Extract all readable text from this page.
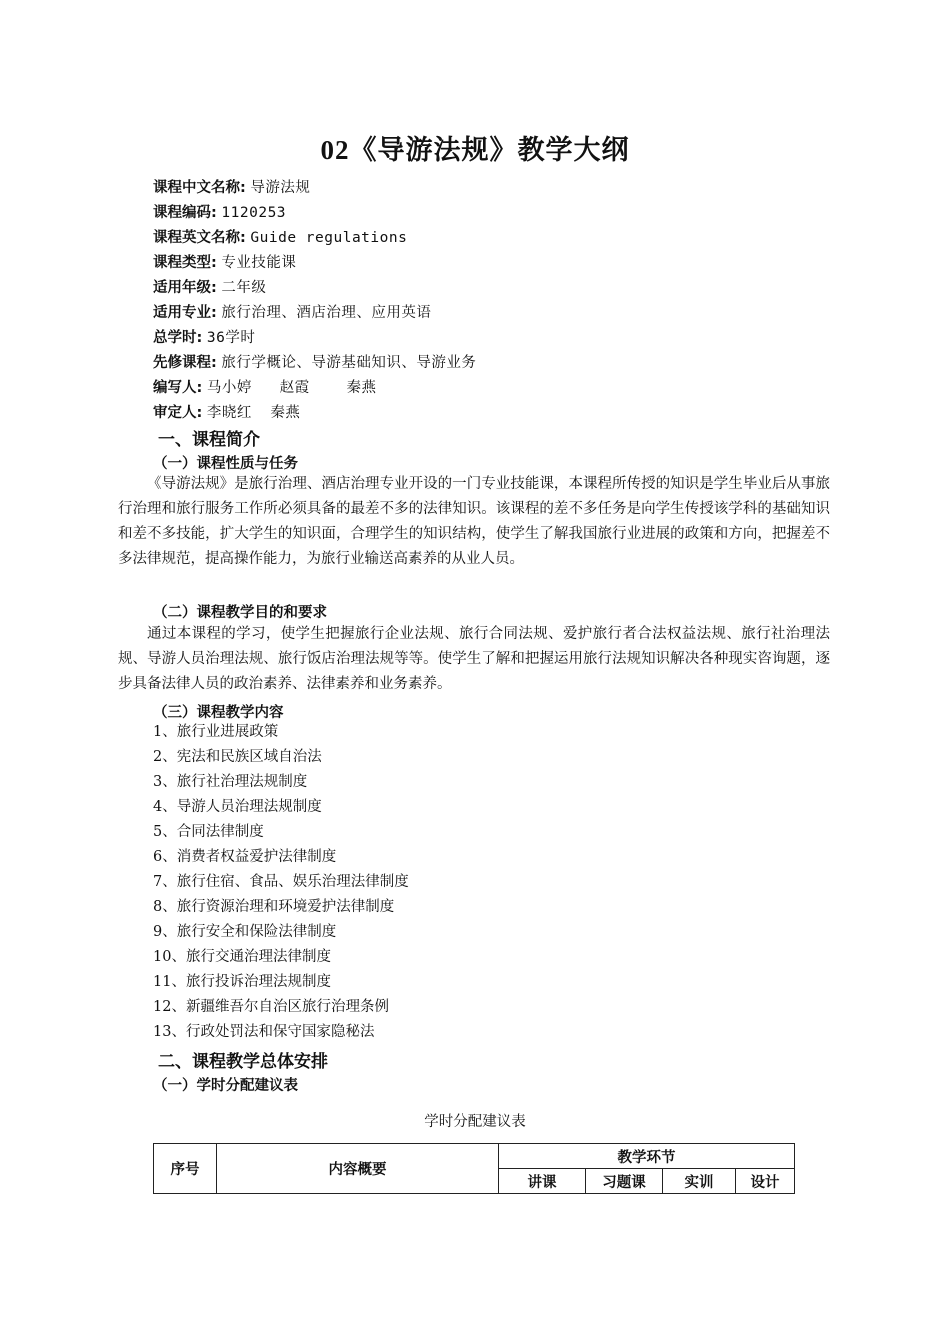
02《导游法规》教学大纲
课程中文名称: 导游法规
课程编码: 1120253
课程英文名称: Guide regulations
课程类型: 专业技能课
适用年级: 二年级
适用专业: 旅行治理、酒店治理、应用英语
总学时: 36学时
先修课程: 旅行学概论、导游基础知识、导游业务
编写人: 马小婷   赵霞    秦燕
审定人: 李晓红  秦燕
一、课程简介
（一）课程性质与任务
《导游法规》是旅行治理、酒店治理专业开设的一门专业技能课，本课程所传授的知识是学生毕业后从事旅行治理和旅行服务工作所必须具备的最差不多的法律知识。该课程的差不多任务是向学生传授该学科的基础知识和差不多技能，扩大学生的知识面，合理学生的知识结构，使学生了解我国旅行业进展的政策和方向，把握差不多法律规范，提高操作能力，为旅行业输送高素养的从业人员。
（二）课程教学目的和要求
通过本课程的学习，使学生把握旅行企业法规、旅行合同法规、爱护旅行者合法权益法规、旅行社治理法规、导游人员治理法规、旅行饭店治理法规等等。使学生了解和把握运用旅行法规知识解决各种现实咨询题，逐步具备法律人员的政治素养、法律素养和业务素养。
（三）课程教学内容
1、旅行业进展政策
2、宪法和民族区域自治法
3、旅行社治理法规制度
4、导游人员治理法规制度
5、合同法律制度
6、消费者权益爱护法律制度
7、旅行住宿、食品、娱乐治理法律制度
8、旅行资源治理和环境爱护法律制度
9、旅行安全和保险法律制度
10、旅行交通治理法律制度
11、旅行投诉治理法规制度
12、新疆维吾尔自治区旅行治理条例
13、行政处罚法和保守国家隐秘法
二、课程教学总体安排
（一）学时分配建议表
学时分配建议表
序号	内容概要	教学环节			
		讲课	习题课	实训	设计
